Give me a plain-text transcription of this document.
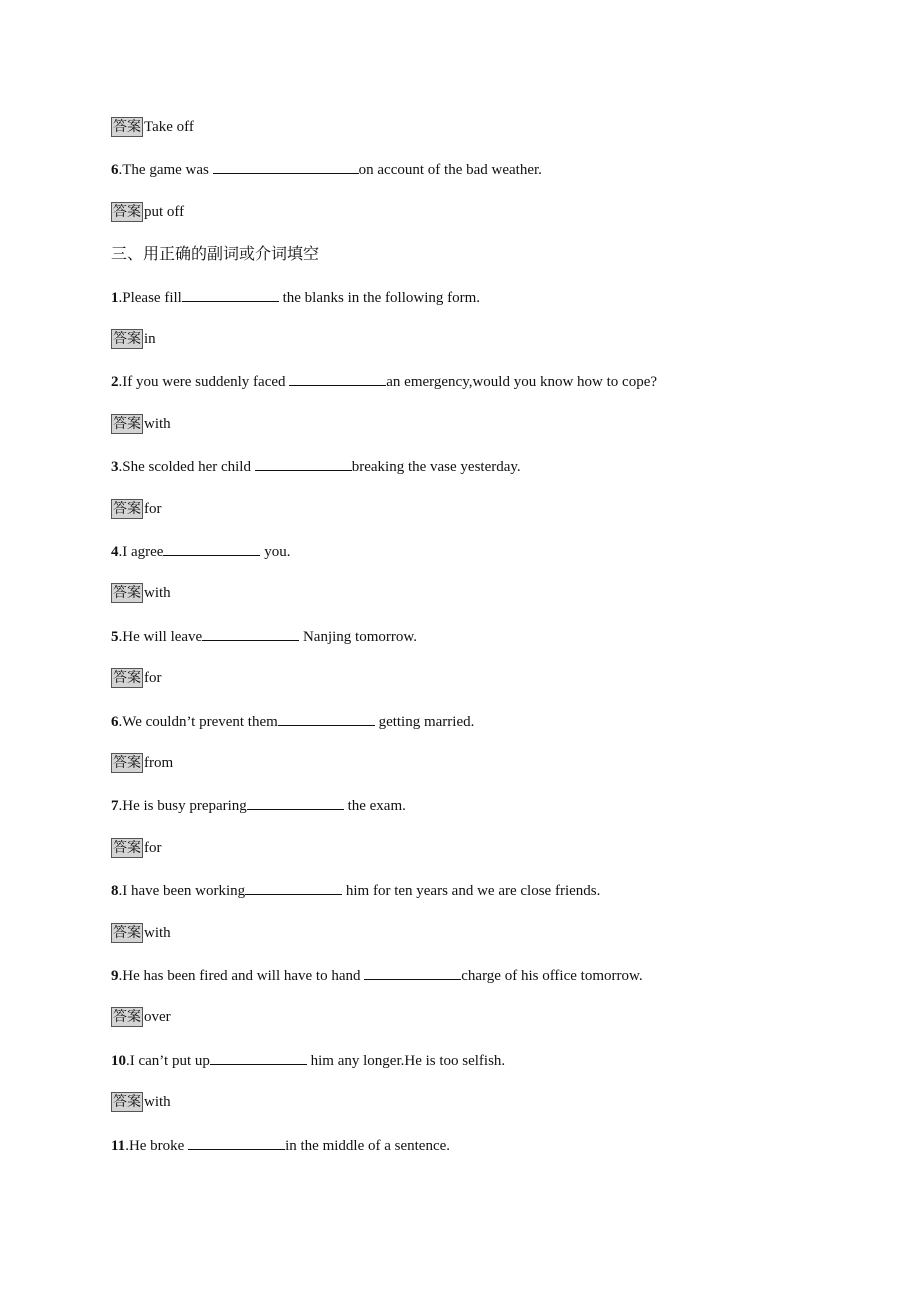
答案 Take off
6.The game was	on account of the bad weather.
答案 put off
三、用正确的副词或介词填空
1.Please fill	the blanks in the following form.
答案 in
2.If you were suddenly faced	an emergency,would you know how to cope?
答案 with
3.She scolded her child	breaking the vase yesterday.
答案 for
4.I agree	you.
答案 with
5.He will leave	Nanjing tomorrow.
答案 for
6.We couldn’t prevent them	getting married.
答案 from
7.He is busy preparing	the exam.
答案 for
8.I have been working	him for ten years and we are close friends.
答案 with
9.He has been fired and will have to hand	charge of his office tomorrow.
答案 over
10.I can’t put up	him any longer.He is too selfish.
答案 with
11.He broke	in the middle of a sentence.
